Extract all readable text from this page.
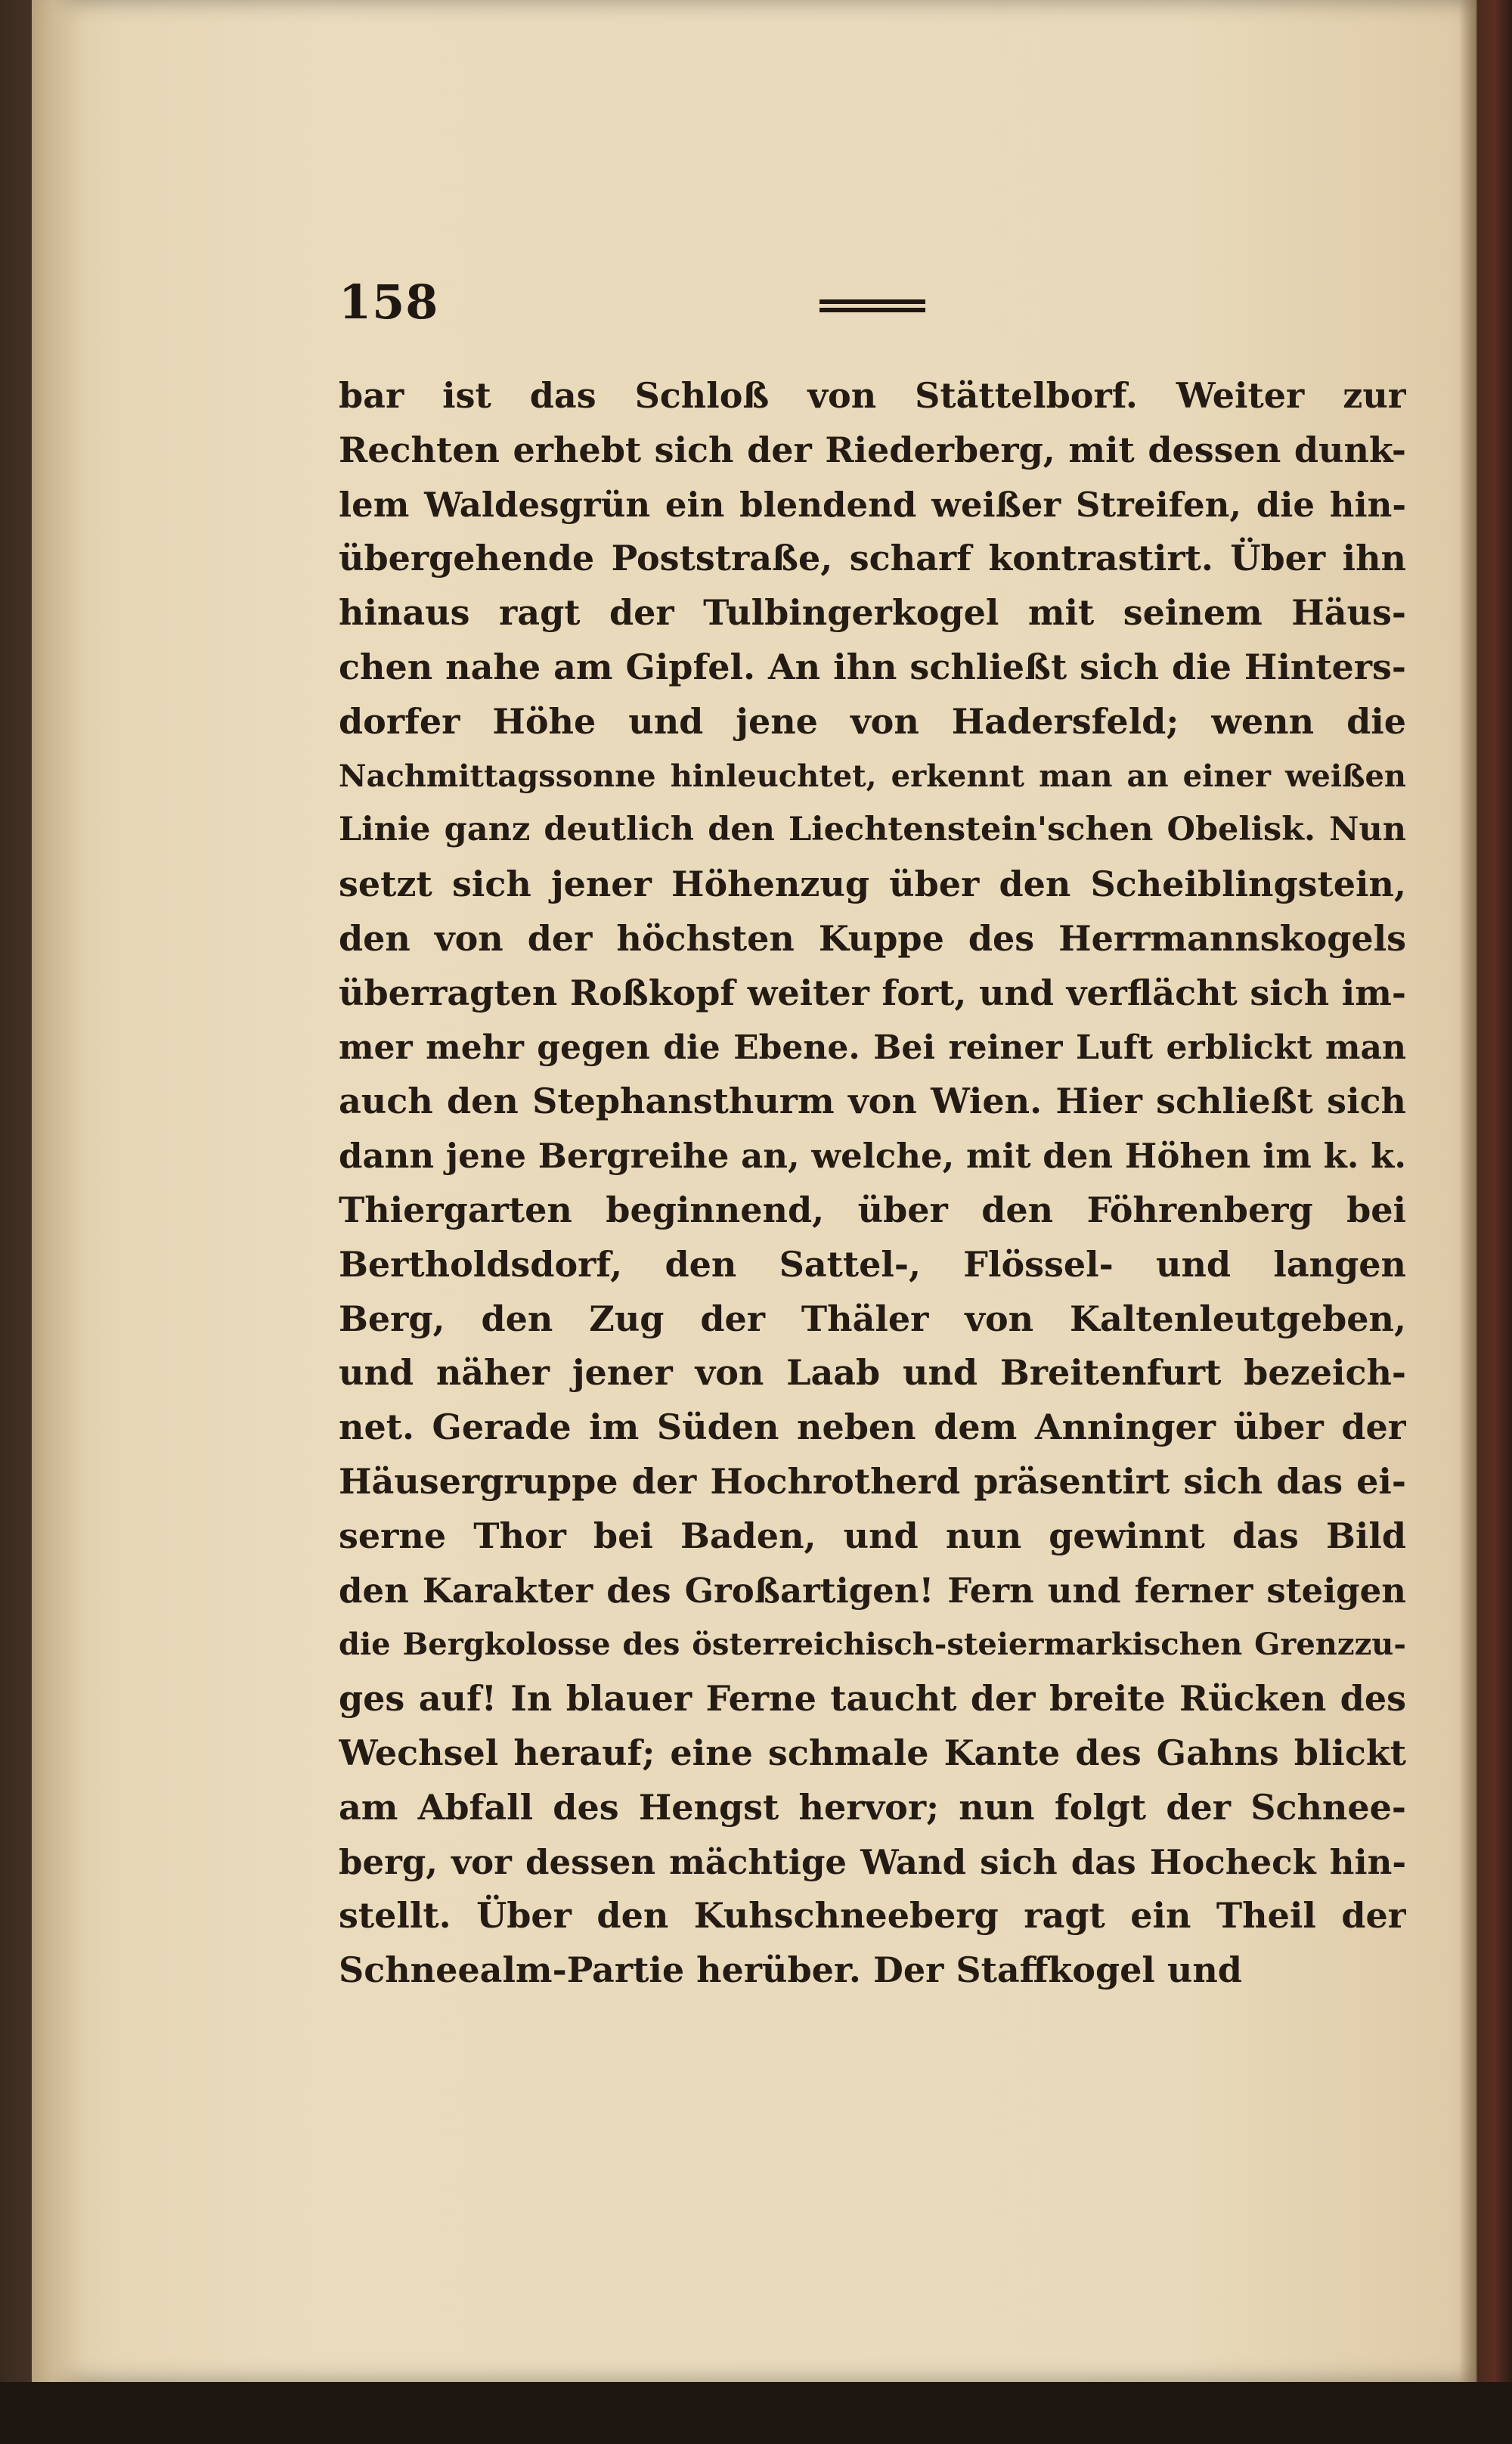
158
bar ist das Schloß von Stättelborf. Weiter zur
Rechten erhebt sich der Riederberg, mit dessen dunk-
lem Waldesgrün ein blendend weißer Streifen, die hin-
übergehende Poststraße, scharf kontrastirt. Über ihn
hinaus ragt der Tulbingerkogel mit seinem Häus-
chen nahe am Gipfel. An ihn schließt sich die Hinters-
dorfer Höhe und jene von Hadersfeld; wenn die
Nachmittagssonne hinleuchtet, erkennt man an einer weißen
Linie ganz deutlich den Liechtenstein'schen Obelisk. Nun
setzt sich jener Höhenzug über den Scheiblingstein,
den von der höchsten Kuppe des Herrmannskogels
überragten Roßkopf weiter fort, und verflächt sich im-
mer mehr gegen die Ebene. Bei reiner Luft erblickt man
auch den Stephansthurm von Wien. Hier schließt sich
dann jene Bergreihe an, welche, mit den Höhen im k. k.
Thiergarten beginnend, über den Föhrenberg bei
Bertholdsdorf, den Sattel-, Flössel- und langen
Berg, den Zug der Thäler von Kaltenleutgeben,
und näher jener von Laab und Breitenfurt bezeich-
net. Gerade im Süden neben dem Anninger über der
Häusergruppe der Hochrotherd präsentirt sich das ei-
serne Thor bei Baden, und nun gewinnt das Bild
den Karakter des Großartigen! Fern und ferner steigen
die Bergkolosse des österreichisch-steiermarkischen Grenzzu-
ges auf! In blauer Ferne taucht der breite Rücken des
Wechsel herauf; eine schmale Kante des Gahns blickt
am Abfall des Hengst hervor; nun folgt der Schnee-
berg, vor dessen mächtige Wand sich das Hocheck hin-
stellt. Über den Kuhschneeberg ragt ein Theil der
Schneealm-Partie herüber. Der Staffkogel und
